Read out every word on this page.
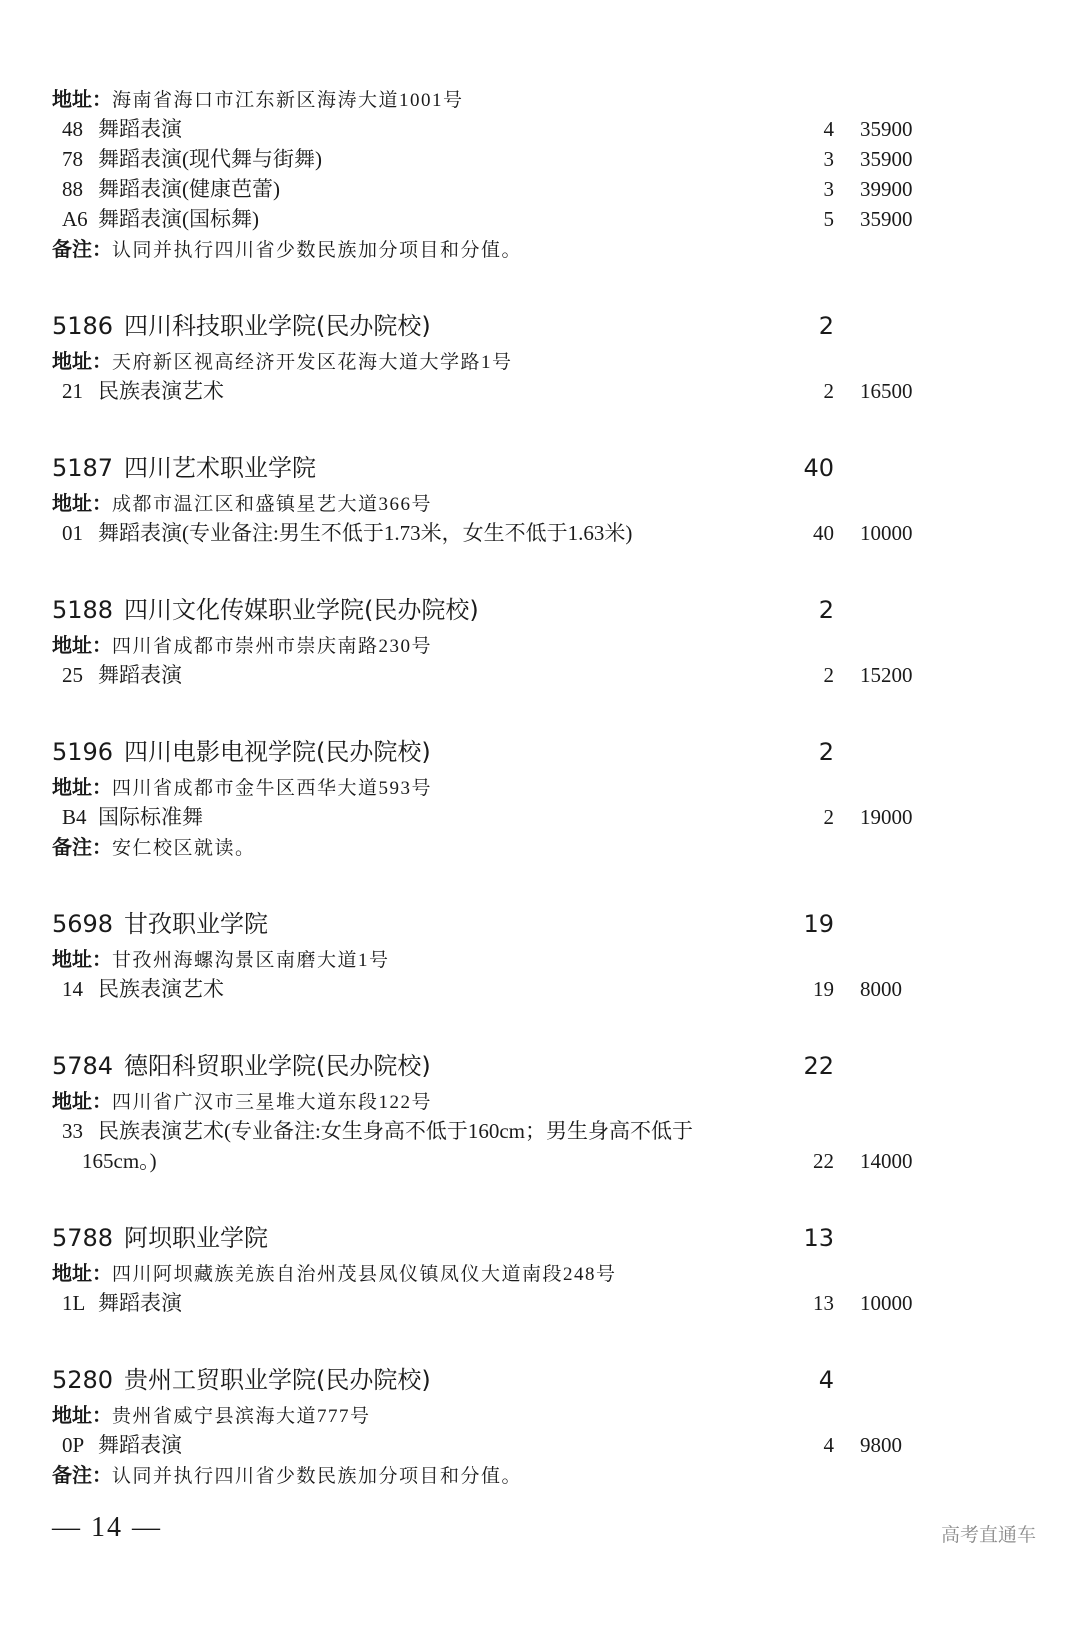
地址：海南省海口市江东新区海涛大道1001号
48 舞蹈表演	4 35900
78 舞蹈表演(现代舞与街舞)	3 35900
88 舞蹈表演(健康芭蕾)	3 39900
A6 舞蹈表演(国标舞)	5 35900
备注：认同并执行四川省少数民族加分项目和分值。
5186 四川科技职业学院(民办院校)	2
地址：天府新区视高经济开发区花海大道大学路1号
21 民族表演艺术	2 16500
5187 四川艺术职业学院	40
地址：成都市温江区和盛镇星艺大道366号
01 舞蹈表演(专业备注:男生不低于1.73米，女生不低于1.63米)	40 10000
5188 四川文化传媒职业学院(民办院校)	2
地址：四川省成都市崇州市崇庆南路230号
25 舞蹈表演	2 15200
5196 四川电影电视学院(民办院校)	2
地址：四川省成都市金牛区西华大道593号
B4 国际标准舞	2 19000
备注：安仁校区就读。
5698 甘孜职业学院	19
地址：甘孜州海螺沟景区南磨大道1号
14 民族表演艺术	19 8000
5784 德阳科贸职业学院(民办院校)	22
地址：四川省广汉市三星堆大道东段122号
33 民族表演艺术(专业备注:女生身高不低于160cm；男生身高不低于
165cm。)	22 14000
5788 阿坝职业学院	13
地址：四川阿坝藏族羌族自治州茂县凤仪镇凤仪大道南段248号
1L 舞蹈表演	13 10000
5280 贵州工贸职业学院(民办院校)	4
地址：贵州省威宁县滨海大道777号
0P 舞蹈表演	4 9800
备注：认同并执行四川省少数民族加分项目和分值。
— 14 —	高考直通车
